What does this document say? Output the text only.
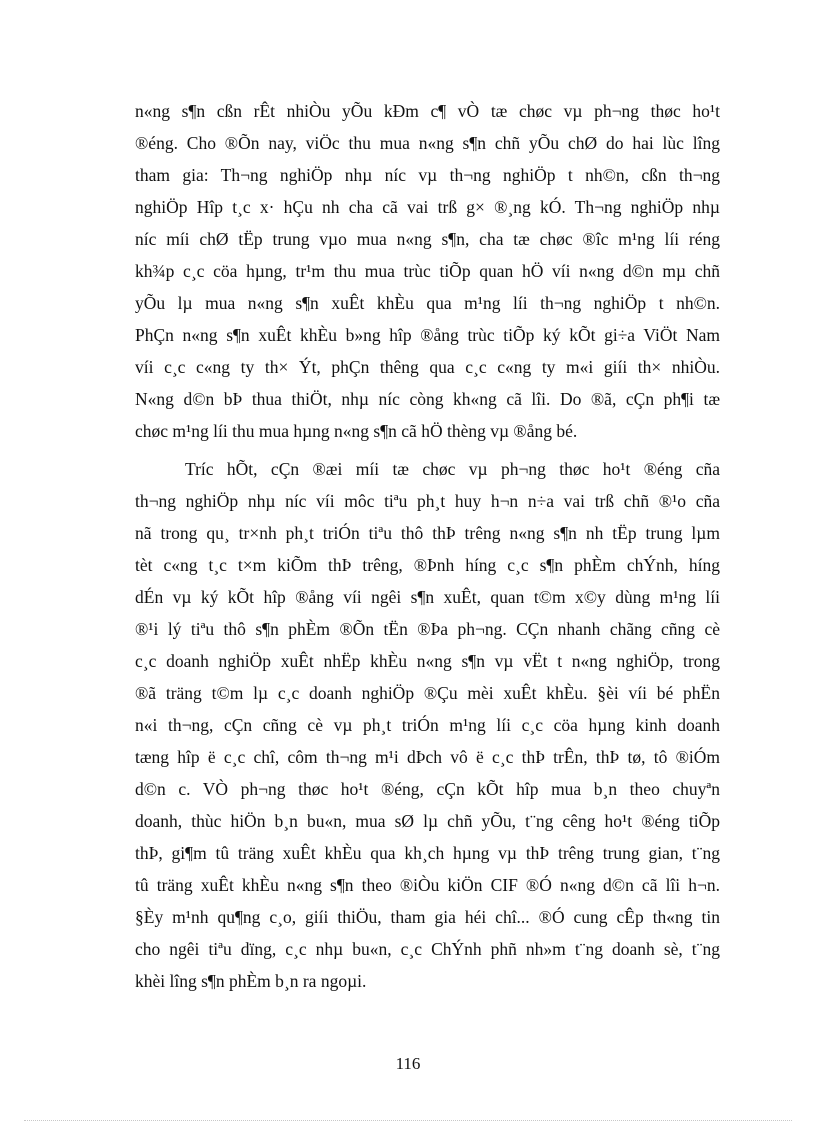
n«ng s¶n cßn rÊt nhiÒu yÕu kÐm c¶ vÒ tæ chøc vµ ph¬ng thøc ho¹t
®éng. Cho ®Õn nay, viÖc thu mua n«ng s¶n chñ yÕu chØ do hai lùc lîng
tham gia: Th¬ng nghiÖp nhµ níc vµ th¬ng nghiÖp t nh©n, cßn th¬ng
nghiÖp Hîp t¸c x· hÇu nh cha cã vai trß g× ®¸ng kÓ. Th¬ng nghiÖp nhµ
níc míi chØ tËp trung vµo mua n«ng s¶n, cha tæ chøc ®îc m¹ng líi réng
kh¾p c¸c cöa hµng, tr¹m thu mua trùc tiÕp quan hÖ víi n«ng d©n mµ chñ
yÕu lµ mua n«ng s¶n xuÊt khÈu qua m¹ng líi th¬ng nghiÖp t nh©n.
PhÇn n«ng s¶n xuÊt khÈu b»ng hîp ®ång trùc tiÕp ký kÕt gi÷a ViÖt Nam
víi c¸c c«ng ty th× Ýt, phÇn thêng qua c¸c c«ng ty m«i giíi th× nhiÒu.
N«ng d©n bÞ thua thiÖt, nhµ níc còng kh«ng cã lîi. Do ®ã, cÇn ph¶i tæ
chøc m¹ng líi thu mua hµng n«ng s¶n cã hÖ thèng vµ ®ång bé.
Tríc hÕt, cÇn ®æi míi tæ chøc vµ ph¬ng thøc ho¹t ®éng cña
th¬ng nghiÖp nhµ níc víi môc tiªu ph¸t huy h¬n n÷a vai trß chñ ®¹o cña
nã trong qu¸ tr×nh ph¸t triÓn tiªu thô thÞ trêng n«ng s¶n nh tËp trung lµm
tèt c«ng t¸c t×m kiÕm thÞ trêng, ®Þnh híng c¸c s¶n phÈm chÝnh, híng
dÉn vµ ký kÕt hîp ®ång víi ngêi s¶n xuÊt, quan t©m x©y dùng m¹ng líi
®¹i lý tiªu thô s¶n phÈm ®Õn tËn ®Þa ph¬ng. CÇn nhanh chãng cñng cè
c¸c doanh nghiÖp xuÊt nhËp khÈu n«ng s¶n vµ vËt t n«ng nghiÖp, trong
®ã träng t©m lµ c¸c doanh nghiÖp ®Çu mèi xuÊt khÈu. §èi víi bé phËn
n«i th¬ng, cÇn cñng cè vµ ph¸t triÓn m¹ng líi c¸c cöa hµng kinh doanh
tæng hîp ë c¸c chî, côm th¬ng m¹i dÞch vô ë c¸c thÞ trÊn, thÞ tø, tô ®iÓm
d©n c. VÒ ph¬ng thøc ho¹t ®éng, cÇn kÕt hîp mua b¸n theo chuyªn
doanh, thùc hiÖn b¸n bu«n, mua sØ lµ chñ yÕu, t¨ng cêng ho¹t ®éng tiÕp
thÞ, gi¶m tû träng xuÊt khÈu qua kh¸ch hµng vµ thÞ trêng trung gian, t¨ng
tû träng xuÊt khÈu n«ng s¶n theo ®iÒu kiÖn CIF ®Ó n«ng d©n cã lîi h¬n.
§Èy m¹nh qu¶ng c¸o, giíi thiÖu, tham gia héi chî... ®Ó cung cÊp th«ng tin
cho ngêi tiªu dïng, c¸c nhµ bu«n, c¸c ChÝnh phñ nh»m t¨ng doanh sè, t¨ng
khèi lîng s¶n phÈm b¸n ra ngoµi.
116
